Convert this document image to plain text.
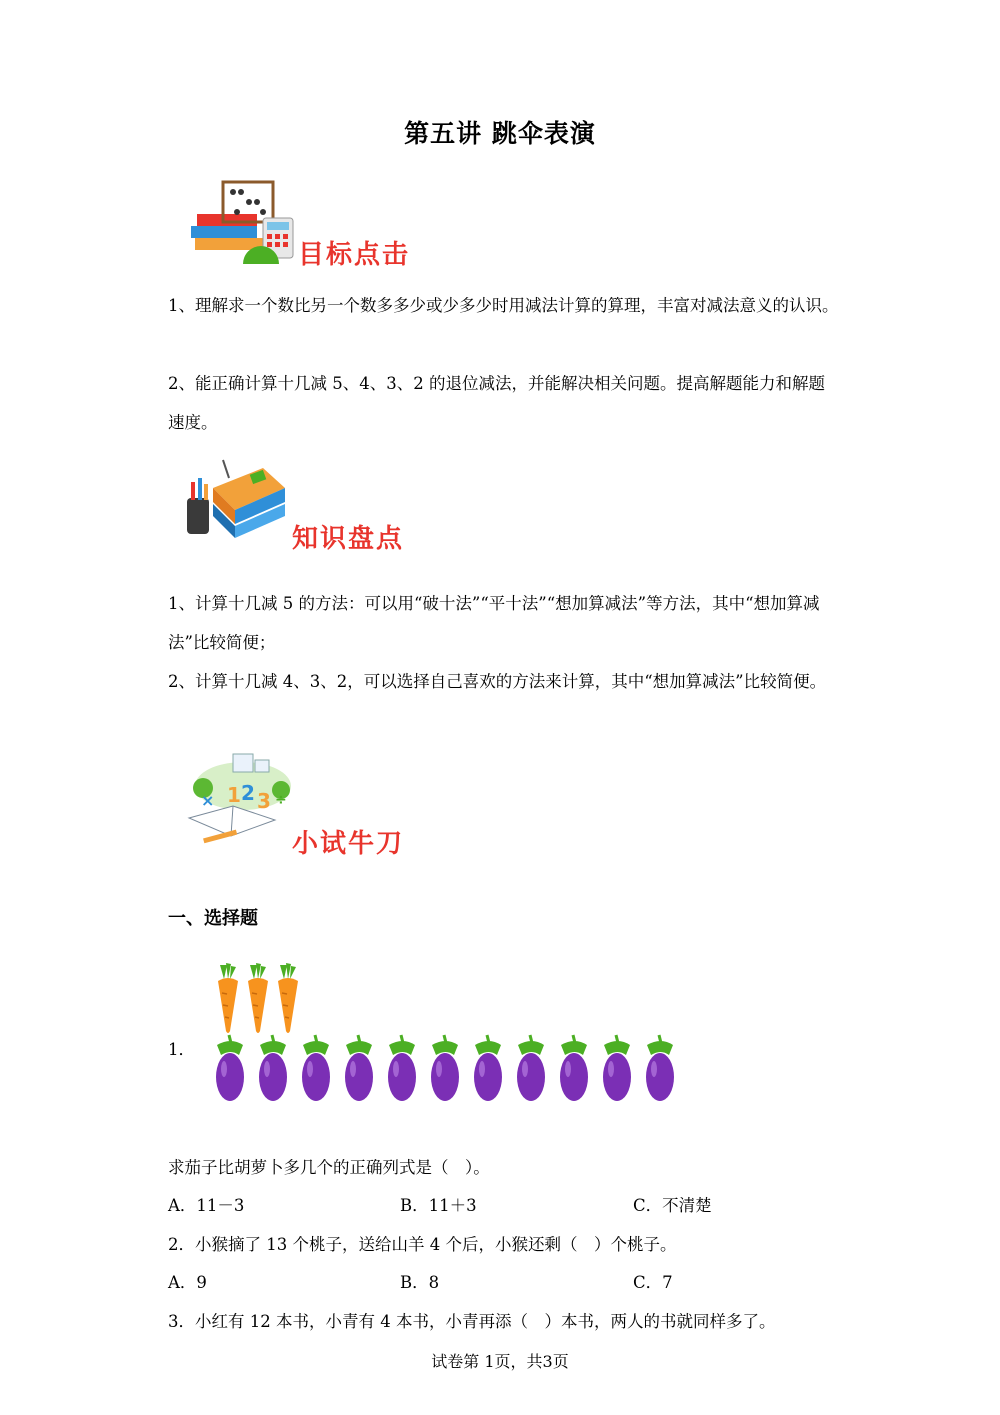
第五讲 跳伞表演
目标点击
1、理解求一个数比另一个数多多少或少多少时用减法计算的算理，丰富对减法意义的认识。
2、能正确计算十几减 5、4、3、2 的退位减法，并能解决相关问题。提高解题能力和解题速度。
知识盘点
1、计算十几减 5 的方法：可以用“破十法”“平十法”“想加算减法”等方法，其中“想加算减法”比较简便；
2、计算十几减 4、3、2，可以选择自己喜欢的方法来计算，其中“想加算减法”比较简便。
1 2 3
×	÷
小试牛刀
一、选择题
1．
求茄子比胡萝卜多几个的正确列式是（　）。
A．11－3	B．11＋3	C．不清楚
2．小猴摘了 13 个桃子，送给山羊 4 个后，小猴还剩（　）个桃子。
A．9	B．8	C．7
3．小红有 12 本书，小青有 4 本书，小青再添（　）本书，两人的书就同样多了。
试卷第 1页，共3页
